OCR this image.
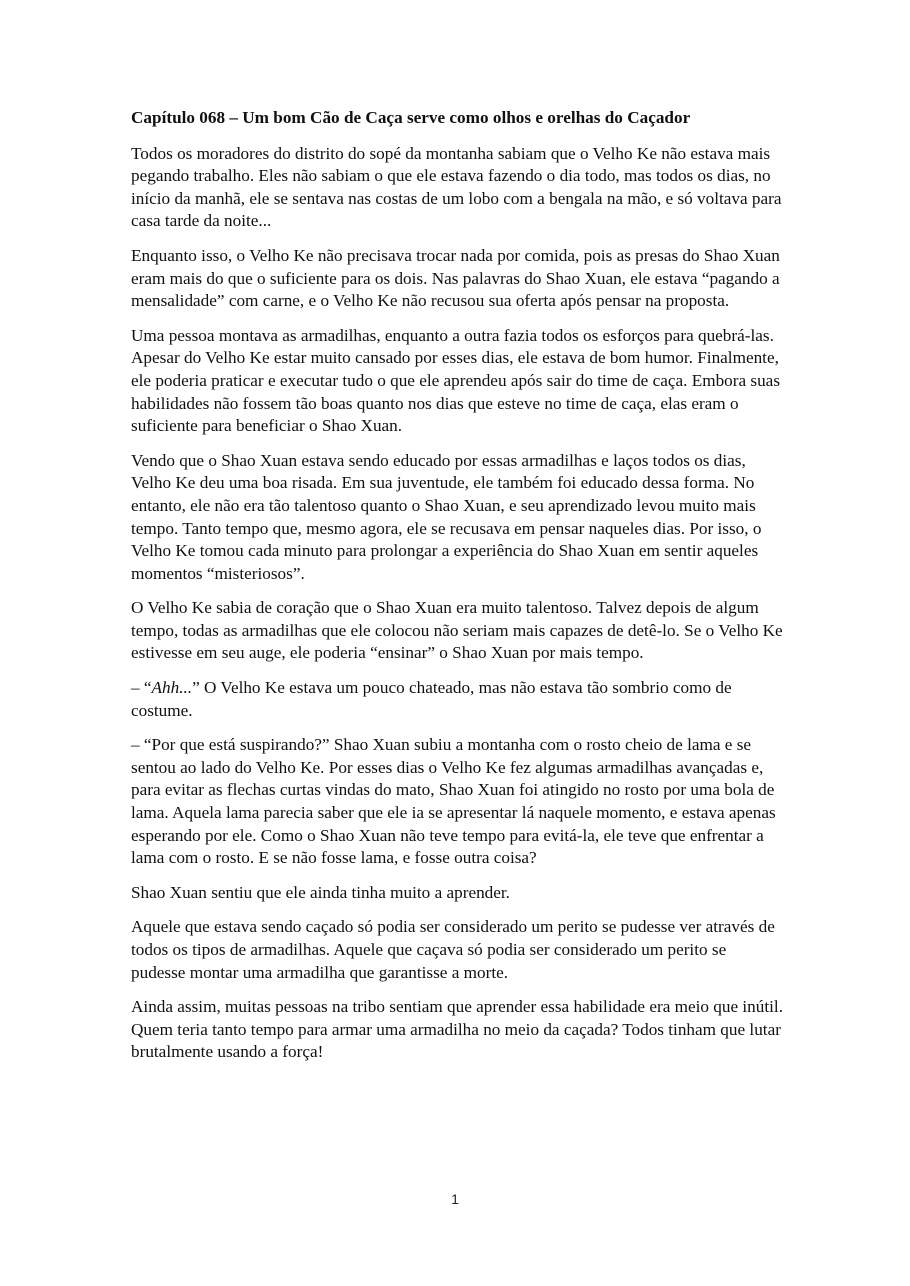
Capítulo 068 – Um bom Cão de Caça serve como olhos e orelhas do Caçador

Todos os moradores do distrito do sopé da montanha sabiam que o Velho Ke não estava mais pegando trabalho. Eles não sabiam o que ele estava fazendo o dia todo, mas todos os dias, no início da manhã, ele se sentava nas costas de um lobo com a bengala na mão, e só voltava para casa tarde da noite...

Enquanto isso, o Velho Ke não precisava trocar nada por comida, pois as presas do Shao Xuan eram mais do que o suficiente para os dois. Nas palavras do Shao Xuan, ele estava “pagando a mensalidade” com carne, e o Velho Ke não recusou sua oferta após pensar na proposta.

Uma pessoa montava as armadilhas, enquanto a outra fazia todos os esforços para quebrá-las. Apesar do Velho Ke estar muito cansado por esses dias, ele estava de bom humor. Finalmente, ele poderia praticar e executar tudo o que ele aprendeu após sair do time de caça. Embora suas habilidades não fossem tão boas quanto nos dias que esteve no time de caça, elas eram o suficiente para beneficiar o Shao Xuan.

Vendo que o Shao Xuan estava sendo educado por essas armadilhas e laços todos os dias, Velho Ke deu uma boa risada. Em sua juventude, ele também foi educado dessa forma. No entanto, ele não era tão talentoso quanto o Shao Xuan, e seu aprendizado levou muito mais tempo. Tanto tempo que, mesmo agora, ele se recusava em pensar naqueles dias. Por isso, o Velho Ke tomou cada minuto para prolongar a experiência do Shao Xuan em sentir aqueles momentos “misteriosos”.

O Velho Ke sabia de coração que o Shao Xuan era muito talentoso. Talvez depois de algum tempo, todas as armadilhas que ele colocou não seriam mais capazes de detê-lo. Se o Velho Ke estivesse em seu auge, ele poderia “ensinar” o Shao Xuan por mais tempo.

– “Ahh...” O Velho Ke estava um pouco chateado, mas não estava tão sombrio como de costume.

– “Por que está suspirando?” Shao Xuan subiu a montanha com o rosto cheio de lama e se sentou ao lado do Velho Ke. Por esses dias o Velho Ke fez algumas armadilhas avançadas e, para evitar as flechas curtas vindas do mato, Shao Xuan foi atingido no rosto por uma bola de lama. Aquela lama parecia saber que ele ia se apresentar lá naquele momento, e estava apenas esperando por ele. Como o Shao Xuan não teve tempo para evitá-la, ele teve que enfrentar a lama com o rosto. E se não fosse lama, e fosse outra coisa?

Shao Xuan sentiu que ele ainda tinha muito a aprender.

Aquele que estava sendo caçado só podia ser considerado um perito se pudesse ver através de todos os tipos de armadilhas. Aquele que caçava só podia ser considerado um perito se pudesse montar uma armadilha que garantisse a morte.

Ainda assim, muitas pessoas na tribo sentiam que aprender essa habilidade era meio que inútil. Quem teria tanto tempo para armar uma armadilha no meio da caçada? Todos tinham que lutar brutalmente usando a força!

1
